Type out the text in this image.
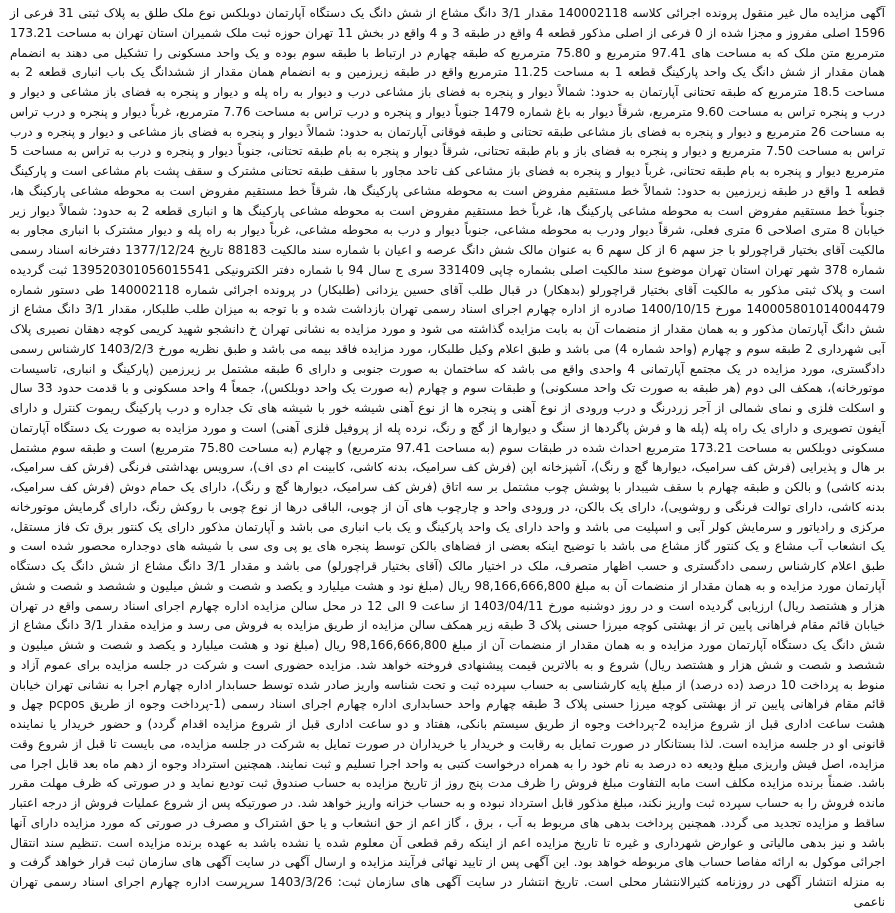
آگهی مزایده مال غیر منقول پرونده اجرائی کلاسه 140002118 مقدار 3/1 دانگ مشاع از شش دانگ یک دستگاه آپارتمان دوبلکس نوع ملک طلق به پلاک ثبتی 31 فرعی از 1596 اصلی مفروز و مجزا شده از 0 فرعی از اصلی مذکور قطعه 4 واقع در طبقه 3 و 4 واقع در بخش 11 تهران حوزه ثبت ملک شمیران استان تهران به مساحت 173.21 مترمربع متن ملک که به مساحت های 97.41 مترمربع و 75.80 مترمربع که طبقه چهارم در ارتباط با طبقه سوم بوده و یک واحد مسکونی را تشکیل می دهند به انضمام همان مقدار از شش دانگ یک واحد پارکینگ قطعه 1 به مساحت 11.25 مترمربع واقع در طبقه زیرزمین و به انضمام همان مقدار از ششدانگ یک باب انباری قطعه 2 به مساحت 18.5 مترمربع که طبقه تحتانی آپارتمان به حدود: شمالاً دیوار و پنجره به فضای باز مشاعی درب و دیوار به راه پله و دیوار و پنجره به فضای باز مشاعی و دیوار و درب و پنجره تراس به مساحت 9.60 مترمربع، شرقاً دیوار به باغ شماره 1479 جنوباً دیوار و پنجره و درب تراس به مساحت 7.76 مترمربع، غرباً دیوار و پنجره و درب تراس به مساحت 26 مترمربع و دیوار و پنجره به فضای باز مشاعی طبقه تحتانی و طبقه فوقانی آپارتمان به حدود: شمالاً دیوار و پنجره به فضای باز مشاعی و دیوار و پنجره و درب تراس به مساحت 7.50 مترمربع و دیوار و پنجره به فضای باز و بام طبقه تحتانی، شرقاً دیوار و پنجره به بام طبقه تحتانی، جنوباً دیوار و پنجره و درب به تراس به مساحت 5 مترمربع دیوار و پنجره به بام طبقه تحتانی، غرباً دیوار و پنجره به فضای باز مشاعی کف تاحد مجاور با سقف طبقه تحتانی مشترک و سقف پشت بام مشاعی است و پارکینگ قطعه 1 واقع در طبقه زیرزمین به حدود: شمالاً خط مستقیم مفروض است به محوطه مشاعی پارکینگ ها، شرقاً خط مستقیم مفروض است به محوطه مشاعی پارکینگ ها، جنوباً خط مستقیم مفروض است به محوطه مشاعی پارکینگ ها، غرباً خط مستقیم مفروض است به محوطه مشاعی پارکینگ ها و انباری قطعه 2 به حدود: شمالاً دیوار زیر خیابان 8 متری اصلاحی 6 متری فعلی، شرقاً دیوار ودرب به محوطه مشاعی، جنوباً دیوار و درب به محوطه مشاعی، غرباً دیوار به راه پله و دیوار مشترک با انباری مجاور به مالکیت آقای بختیار قراچورلو با جز سهم 6 از کل سهم 6 به عنوان مالک شش دانگ عرصه و اعیان با شماره سند مالکیت 88183 تاریخ 1377/12/24 دفترخانه اسناد رسمی شماره 378 شهر تهران استان تهران موضوع سند مالکیت اصلی بشماره چاپی 331409 سری ج سال 94 با شماره دفتر الکترونیکی 139520301056015541 ثبت گردیده است و پلاک ثبتی مذکور به مالکیت آقای بختیار قراچورلو (بدهکار) در قبال طلب آقای حسین یزدانی (طلبکار) در پرونده اجرائی شماره 140002118 طی دستور شماره 140005801014004479 مورخ 1400/10/15 صادره از اداره چهارم اجرای اسناد رسمی تهران بازداشت شده و با توجه به میزان طلب طلبکار، مقدار 3/1 دانگ مشاع از شش دانگ آپارتمان مذکور و به همان مقدار از منضمات آن به بابت مزایده گذاشته می شود و مورد مزایده به نشانی تهران خ دانشجو شهید کریمی کوچه دهقان نصیری پلاک آبی شهرداری 2 طبقه سوم و چهارم (واحد شماره 4) می باشد و طبق اعلام وکیل طلبکار، مورد مزایده فاقد بیمه می باشد و طبق نظریه مورخ 1403/2/3 کارشناس رسمی دادگستری، مورد مزایده در یک مجتمع آپارتمانی 4 واحدی واقع می باشد که ساختمان به صورت جنوبی و دارای 6 طبقه مشتمل بر زیرزمین (پارکینگ و انباری، تاسیسات موتورخانه)، همکف الی دوم (هر طبقه به صورت تک واحد مسکونی) و طبقات سوم و چهارم (به صورت یک واحد دوبلکس)، جمعاً 4 واحد مسکونی و با قدمت حدود 33 سال و اسکلت فلزی و نمای شمالی از آجر زردرنگ و درب ورودی از نوع آهنی و پنجره ها از نوع آهنی شیشه خور با شیشه های تک جداره و درب پارکینگ ریموت کنترل و دارای آیفون تصویری و دارای یک راه پله (پله ها و فرش پاگردها از سنگ و دیوارها از گچ و رنگ، نرده پله از پروفیل فلزی آهنی) است و مورد مزایده به صورت یک دستگاه آپارتمان مسکونی دوبلکس به مساحت 173.21 مترمربع احداث شده در طبقات سوم (به مساحت 97.41 مترمربع) و چهارم (به مساحت 75.80 مترمربع) است و طبقه سوم مشتمل بر هال و پذیرایی (فرش کف سرامیک، دیوارها گچ و رنگ)، آشپزخانه اپن (فرش کف سرامیک، بدنه کاشی، کابینت ام دی اف)، سرویس بهداشتی فرنگی (فرش کف سرامیک، بدنه کاشی) و بالکن و طبقه چهارم با سقف شیبدار با پوشش چوب مشتمل بر سه اتاق (فرش کف سرامیک، دیوارها گچ و رنگ)، دارای یک حمام دوش (فرش کف سرامیک، بدنه کاشی، دارای توالت فرنگی و روشویی)، دارای یک بالکن، در ورودی واحد و چارچوب های آن از چوبی، الباقی درها از نوع چوبی با روکش رنگ، دارای گرمایش موتورخانه مرکزی و رادیاتور و سرمایش کولر آبی و اسپلیت می باشد و واحد دارای یک واحد پارکینگ و یک باب انباری می باشد و آپارتمان مذکور دارای یک کنتور برق تک فاز مستقل، یک انشعاب آب مشاع و یک کنتور گاز مشاع می باشد با توضیح اینکه بعضی از فضاهای بالکن توسط پنجره های یو پی وی سی با شیشه های دوجداره محصور شده است و طبق اعلام کارشناس رسمی دادگستری و حسب اظهار متصرف، ملک در اختیار مالک (آقای بختیار قراچورلو) می باشد و مقدار 3/1 دانگ مشاع از شش دانگ یک دستگاه آپارتمان مورد مزایده و به همان مقدار از منضمات آن به مبلغ 98,166,666,800 ریال (مبلغ نود و هشت میلیارد و یکصد و شصت و شش میلیون و ششصد و شصت و شش هزار و هشتصد ریال) ارزیابی گردیده است و در روز دوشنبه مورخ 1403/04/11 از ساعت 9 الی 12 در محل سالن مزایده اداره چهارم اجرای اسناد رسمی واقع در تهران خیابان قائم مقام فراهانی پایین تر از بهشتی کوچه میرزا حسنی پلاک 3 طبقه زیر همکف سالن مزایده از طریق مزایده به فروش می رسد و مزایده مقدار 3/1 دانگ مشاع از شش دانگ یک دستگاه آپارتمان مورد مزایده و به همان مقدار از منضمات آن از مبلغ 98,166,666,800 ریال (مبلغ نود و هشت میلیارد و یکصد و شصت و شش میلیون و ششصد و شصت و شش هزار و هشتصد ریال) شروع و به بالاترین قیمت پیشنهادی فروخته خواهد شد. مزایده حضوری است و شرکت در جلسه مزایده برای عموم آزاد و منوط به پرداخت 10 درصد (ده درصد) از مبلغ پایه کارشناسی به حساب سپرده ثبت و تحت شناسه واریز صادر شده توسط حسابدار اداره چهارم اجرا به نشانی تهران خیابان قائم مقام فراهانی پایین تر از بهشتی کوچه میرزا حسنی پلاک 3 طبقه چهارم واحد حسابداری اداره چهارم اجرای اسناد رسمی (1-پرداخت وجوه از طریق pcpos چهل و هشت ساعت اداری قبل از شروع مزایده 2-پرداخت وجوه از طریق سیستم بانکی، هفتاد و دو ساعت اداری قبل از شروع مزایده اقدام گردد) و حضور خریدار یا نماینده قانونی او در جلسه مزایده است. لذا بستانکار در صورت تمایل به رقابت و خریدار یا خریداران در صورت تمایل به شرکت در جلسه مزایده، می بایست تا قبل از شروع وقت مزایده، اصل فیش واریزی مبلغ ودیعه ده درصد به نام خود را به همراه درخواست کتبی به واحد اجرا تسلیم و ثبت نمایند. همچنین استرداد وجوه از دهم ماه بعد قابل اجرا می باشد. ضمناً برنده مزایده مکلف است مابه التفاوت مبلغ فروش را ظرف مدت پنج روز از تاریخ مزایده به حساب صندوق ثبت تودیع نماید و در صورتی که ظرف مهلت مقرر مانده فروش را به حساب سپرده ثبت واریز نکند، مبلغ مذکور قابل استرداد نبوده و به حساب خزانه واریز خواهد شد. در صورتیکه پس از شروع عملیات فروش از درجه اعتبار ساقط و مزایده تجدید می گردد. همچنین پرداخت بدهی های مربوط به آب ، برق ، گاز اعم از حق انشعاب و یا حق اشتراک و مصرف در صورتی که مورد مزایده دارای آنها باشد و نیز بدهی مالیاتی و عوارض شهرداری و غیره تا تاریخ مزایده اعم از اینکه رقم قطعی آن معلوم شده یا نشده باشد به عهده برنده مزایده است .تنظیم سند انتقال اجرائی موکول به ارائه مفاصا حساب های مربوطه خواهد بود. این آگهی پس از تایید نهائی فرآیند مزایده و ارسال آگهی در سایت آگهی های سازمان ثبت قرار خواهد گرفت و به منزله انتشار آگهی در روزنامه کثیرالانتشار محلی است. تاریخ انتشار در سایت آگهی های سازمان ثبت: 1403/3/26 سرپرست اداره چهارم اجرای اسناد رسمی تهران ناعمی
